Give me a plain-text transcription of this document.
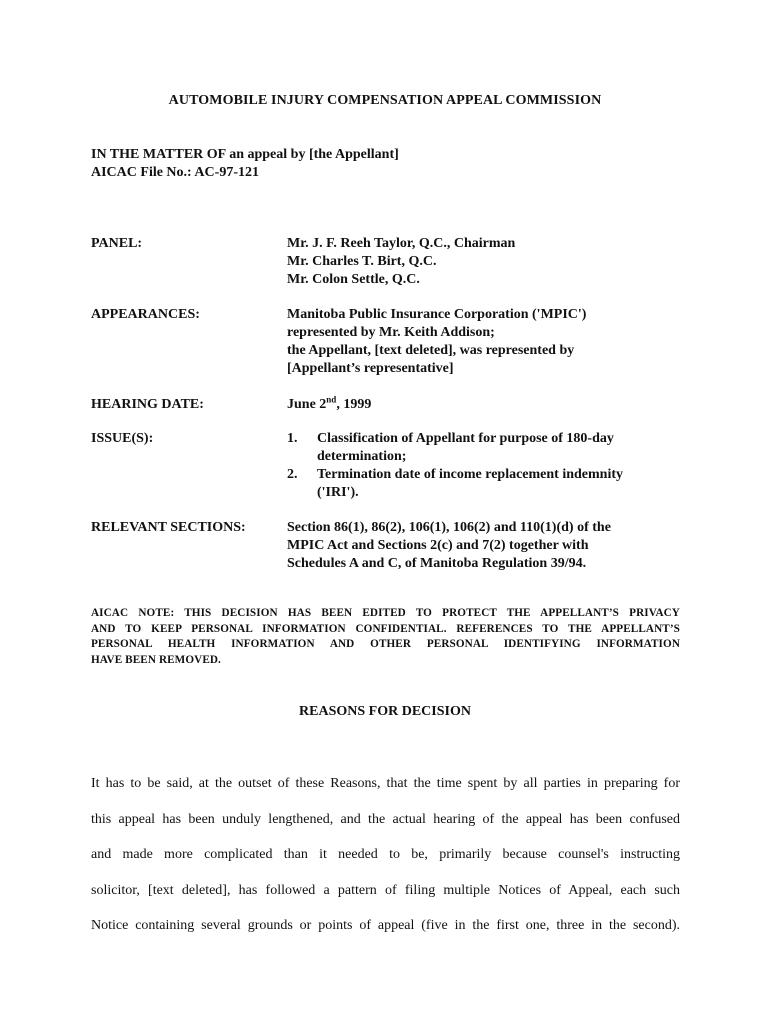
AUTOMOBILE INJURY COMPENSATION APPEAL COMMISSION
IN THE MATTER OF an appeal by [the Appellant]
AICAC File No.: AC-97-121
PANEL:	Mr. J. F. Reeh Taylor, Q.C., Chairman
Mr. Charles T. Birt, Q.C.
Mr. Colon Settle, Q.C.
APPEARANCES:	Manitoba Public Insurance Corporation ('MPIC')
represented by Mr. Keith Addison;
the Appellant, [text deleted], was represented by
[Appellant’s representative]
HEARING DATE:	June 2nd, 1999
ISSUE(S):	1. Classification of Appellant for purpose of 180-day
determination;
2. Termination date of income replacement indemnity
('IRI').
RELEVANT SECTIONS:	Section 86(1), 86(2), 106(1), 106(2) and 110(1)(d) of the
MPIC Act and Sections 2(c) and 7(2) together with
Schedules A and C, of Manitoba Regulation 39/94.
AICAC NOTE: THIS DECISION HAS BEEN EDITED TO PROTECT THE APPELLANT’S PRIVACY
AND TO KEEP PERSONAL INFORMATION CONFIDENTIAL. REFERENCES TO THE APPELLANT’S
PERSONAL HEALTH INFORMATION AND OTHER PERSONAL IDENTIFYING INFORMATION
HAVE BEEN REMOVED.
REASONS FOR DECISION
It has to be said, at the outset of these Reasons, that the time spent by all parties in preparing for
this appeal has been unduly lengthened, and the actual hearing of the appeal has been confused
and made more complicated than it needed to be, primarily because counsel's instructing
solicitor, [text deleted], has followed a pattern of filing multiple Notices of Appeal, each such
Notice containing several grounds or points of appeal (five in the first one, three in the second).
